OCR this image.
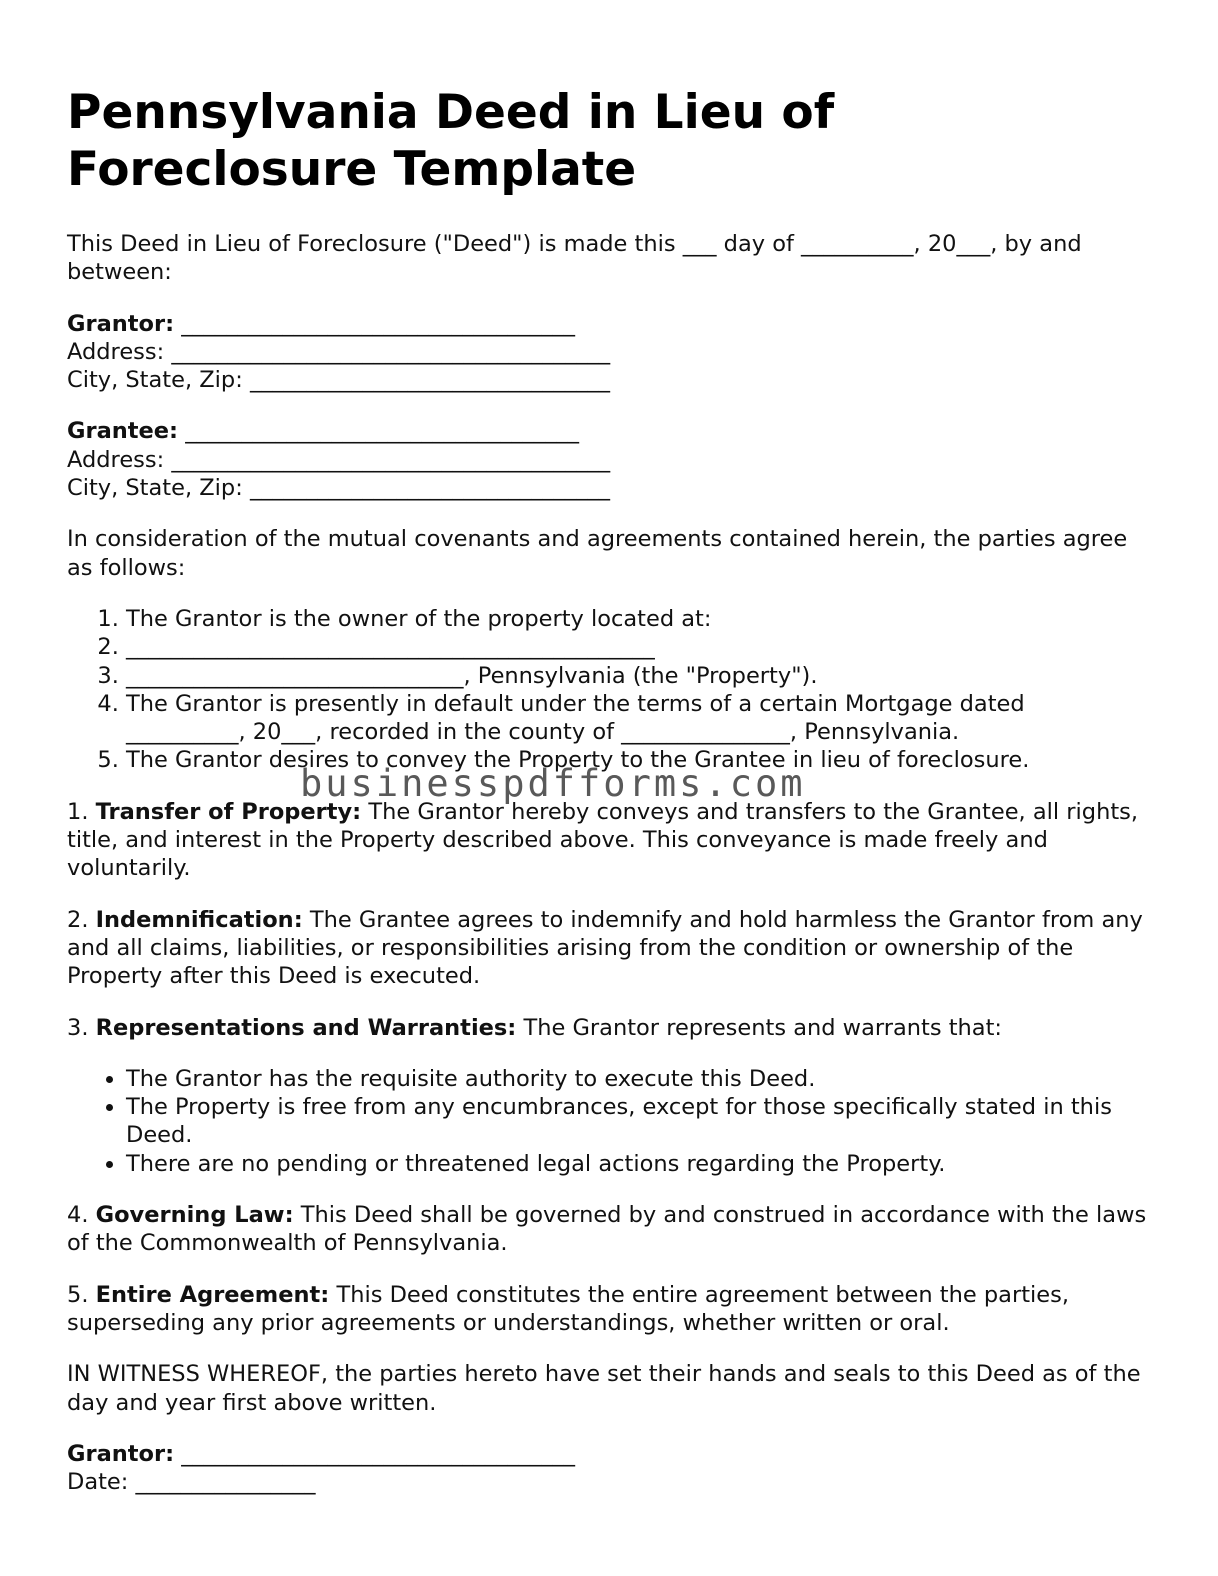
Pennsylvania Deed in Lieu of Foreclosure Template

This Deed in Lieu of Foreclosure ("Deed") is made this ___ day of __________, 20___, by and between:

Grantor: ___________________________________
Address: _______________________________________
City, State, Zip: ________________________________
Grantee: ___________________________________
Address: _______________________________________
City, State, Zip: ________________________________

In consideration of the mutual covenants and agreements contained herein, the parties agree as follows:

1. The Grantor is the owner of the property located at:
2. _______________________________________________
3. ______________________________, Pennsylvania (the "Property").
4. The Grantor is presently in default under the terms of a certain Mortgage dated __________, 20___, recorded in the county of _______________, Pennsylvania.
5. The Grantor desires to convey the Property to the Grantee in lieu of foreclosure.

1. Transfer of Property: The Grantor hereby conveys and transfers to the Grantee, all rights, title, and interest in the Property described above. This conveyance is made freely and voluntarily.

2. Indemnification: The Grantee agrees to indemnify and hold harmless the Grantor from any and all claims, liabilities, or responsibilities arising from the condition or ownership of the Property after this Deed is executed.

3. Representations and Warranties: The Grantor represents and warrants that:

• The Grantor has the requisite authority to execute this Deed.
• The Property is free from any encumbrances, except for those specifically stated in this Deed.
• There are no pending or threatened legal actions regarding the Property.

4. Governing Law: This Deed shall be governed by and construed in accordance with the laws of the Commonwealth of Pennsylvania.

5. Entire Agreement: This Deed constitutes the entire agreement between the parties, superseding any prior agreements or understandings, whether written or oral.

IN WITNESS WHEREOF, the parties hereto have set their hands and seals to this Deed as of the day and year first above written.

Grantor: ___________________________________
Date: ________________
businesspdfforms.com
